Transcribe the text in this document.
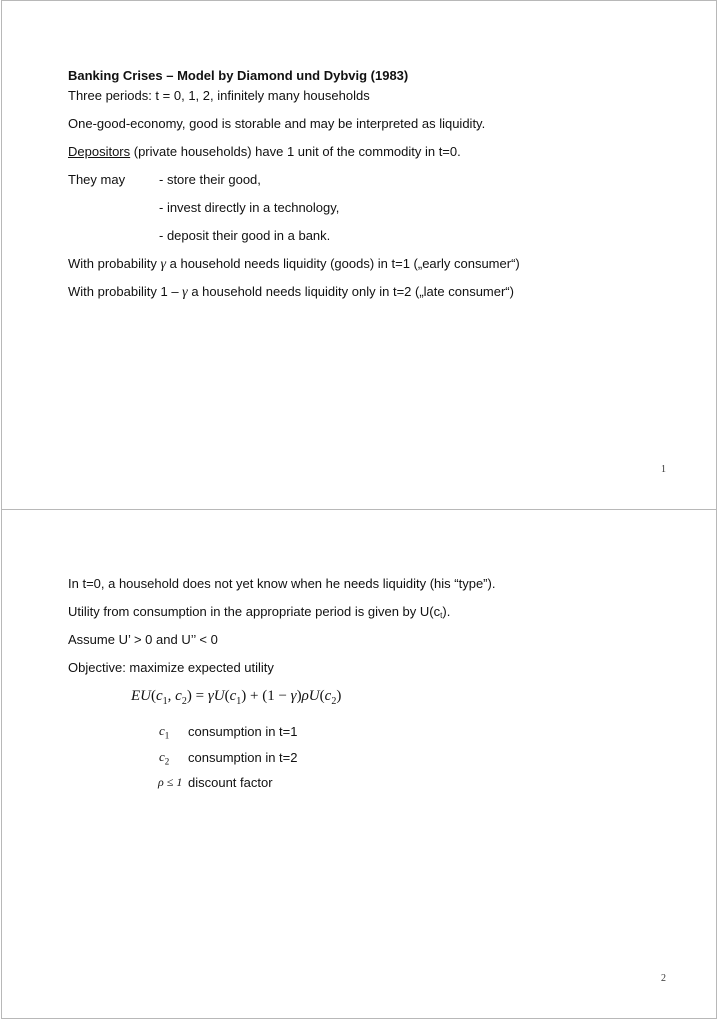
Banking Crises – Model by Diamond und Dybvig (1983)
Three periods: t = 0, 1, 2, infinitely many households
One-good-economy, good is storable and may be interpreted as liquidity.
Depositors (private households) have 1 unit of the commodity in t=0.
They may	- store their good,
- invest directly in a technology,
- deposit their good in a bank.
With probability γ a household needs liquidity (goods) in t=1 („early consumer“)
With probability 1 – γ a household needs liquidity only in t=2 („late consumer“)
1
In t=0, a household does not yet know when he needs liquidity (his “type”).
Utility from consumption in the appropriate period is given by $U(c_t)$.
Assume U’ > 0 and U’’ < 0
Objective: maximize expected utility
$EU(c_1$, $c_2) = \gamma U(c_1) + (1 - \gamma)\rho U(c_2)$
$c_1$ consumption in t=1
$c_2$ consumption in t=2
ρ ≤ 1 discount factor
2
